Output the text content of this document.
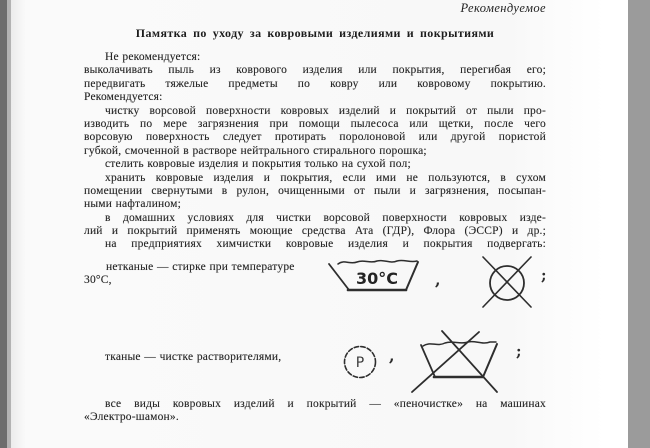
Рекомендуемое
Памятка по уходу за ковровыми изделиями и покрытиями
Не рекомендуется:
выколачивать пыль из коврового изделия или покрытия, перегибая его;
передвигать тяжелые предметы по ковру или ковровому покрытию.
Рекомендуется:
чистку ворсовой поверхности ковровых изделий и покрытий от пыли про-
изводить по мере загрязнения при помощи пылесоса или щетки, после чего
ворсовую поверхность следует протирать поролоновой или другой пористой
губкой, смоченной в растворе нейтрального стирального порошка;
стелить ковровые изделия и покрытия только на сухой пол;
хранить ковровые изделия и покрытия, если ими не пользуются, в сухом
помещении свернутыми в рулон, очищенными от пыли и загрязнения, посыпан-
ными нафталином;
в домашних условиях для чистки ворсовой поверхности ковровых изде-
лий и покрытий применять моющие средства Ата (ГДР), Флора (ЭССР) и др.;
на предприятиях химчистки ковровые изделия и покрытия подвергать:
нетканые — стирке при температуре
30°C,	30°C ,	;
тканые — чистке растворителями,	P ,	;
все виды ковровых изделий и покрытий — «пеночистке» на машинах
«Электро-шамон».
